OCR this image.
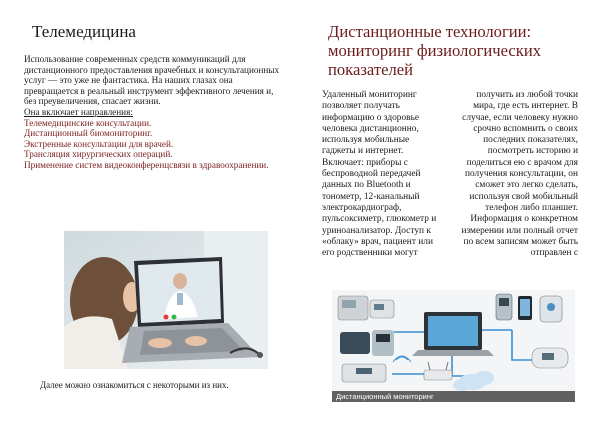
Телемедицина

Использование современных средств коммуникаций для дистанционного предоставления врачебных и консультационных услуг — это уже не фантастика. На наших глазах она превращается в реальный инструмент эффективного лечения и, без преувеличения, спасает жизни.

Она включает направления:
Телемедицинские консультации.
Дистанционный биомониторинг.
Экстренные консультации для врачей.
Трансляция хирургических операций.
Применение систем видеоконференцсвязи в здравоохранении.
Далее можно ознакомиться с некоторыми из них.
Дистанционные технологии: мониторинг физиологических показателей

Удаленный мониторинг позволяет получать информацию о здоровье человека дистанционно, используя мобильные гаджеты и интернет. Включает: приборы с беспроводной передачей данных по Bluetooth и тонометр, 12-канальный электрокардиограф, пульсоксиметр, глюкометр и уринoанализатор. Доступ к «облаку» врач, пациент или его родственники могут

получить из любой точки мира, где есть интернет. В случае, если человеку нужно срочно вспомнить о своих последних показателях, посмотреть историю и поделиться ею с врачом для получения консультации, он сможет это легко сделать, используя свой мобильный телефон либо планшет. Информация о конкретном измерении или полный отчет по всем записям может быть отправлен с

Дистанционный мониторинг
